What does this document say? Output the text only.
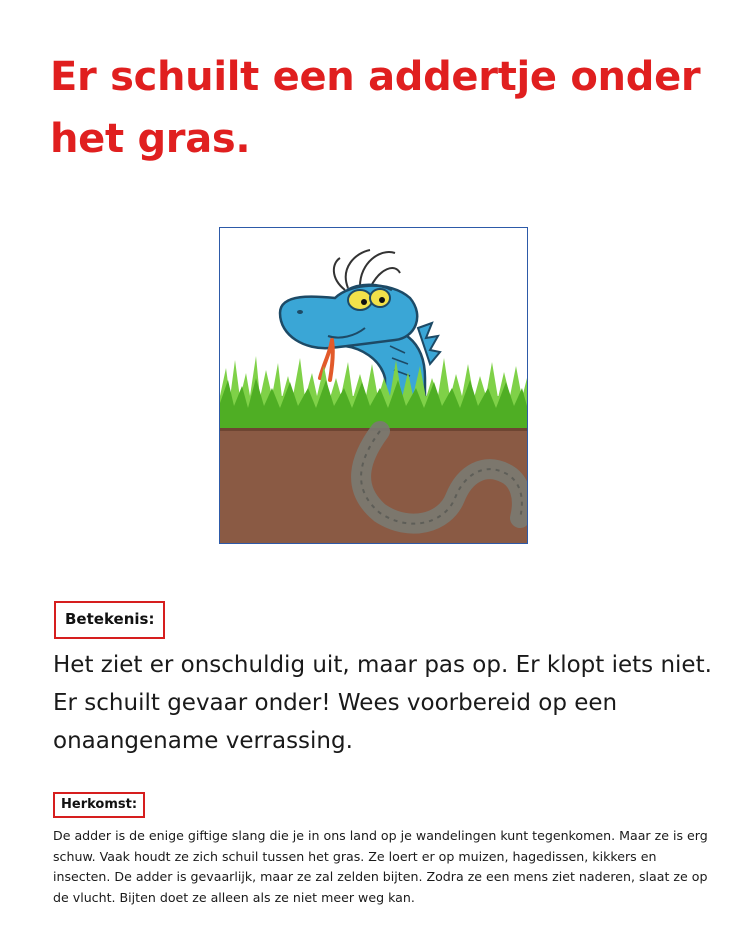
Er schuilt een addertje onder het gras.
Betekenis:

Het ziet er onschuldig uit, maar pas op. Er klopt iets niet. Er schuilt gevaar onder! Wees voorbereid op een onaangename verrassing.

Herkomst:

De adder is de enige giftige slang die je in ons land op je wandelingen kunt tegenkomen. Maar ze is erg schuw. Vaak houdt ze zich schuil tussen het gras. Ze loert er op muizen, hagedissen, kikkers en insecten. De adder is gevaarlijk, maar ze zal zelden bijten. Zodra ze een mens ziet naderen, slaat ze op de vlucht. Bijten doet ze alleen als ze niet meer weg kan.
